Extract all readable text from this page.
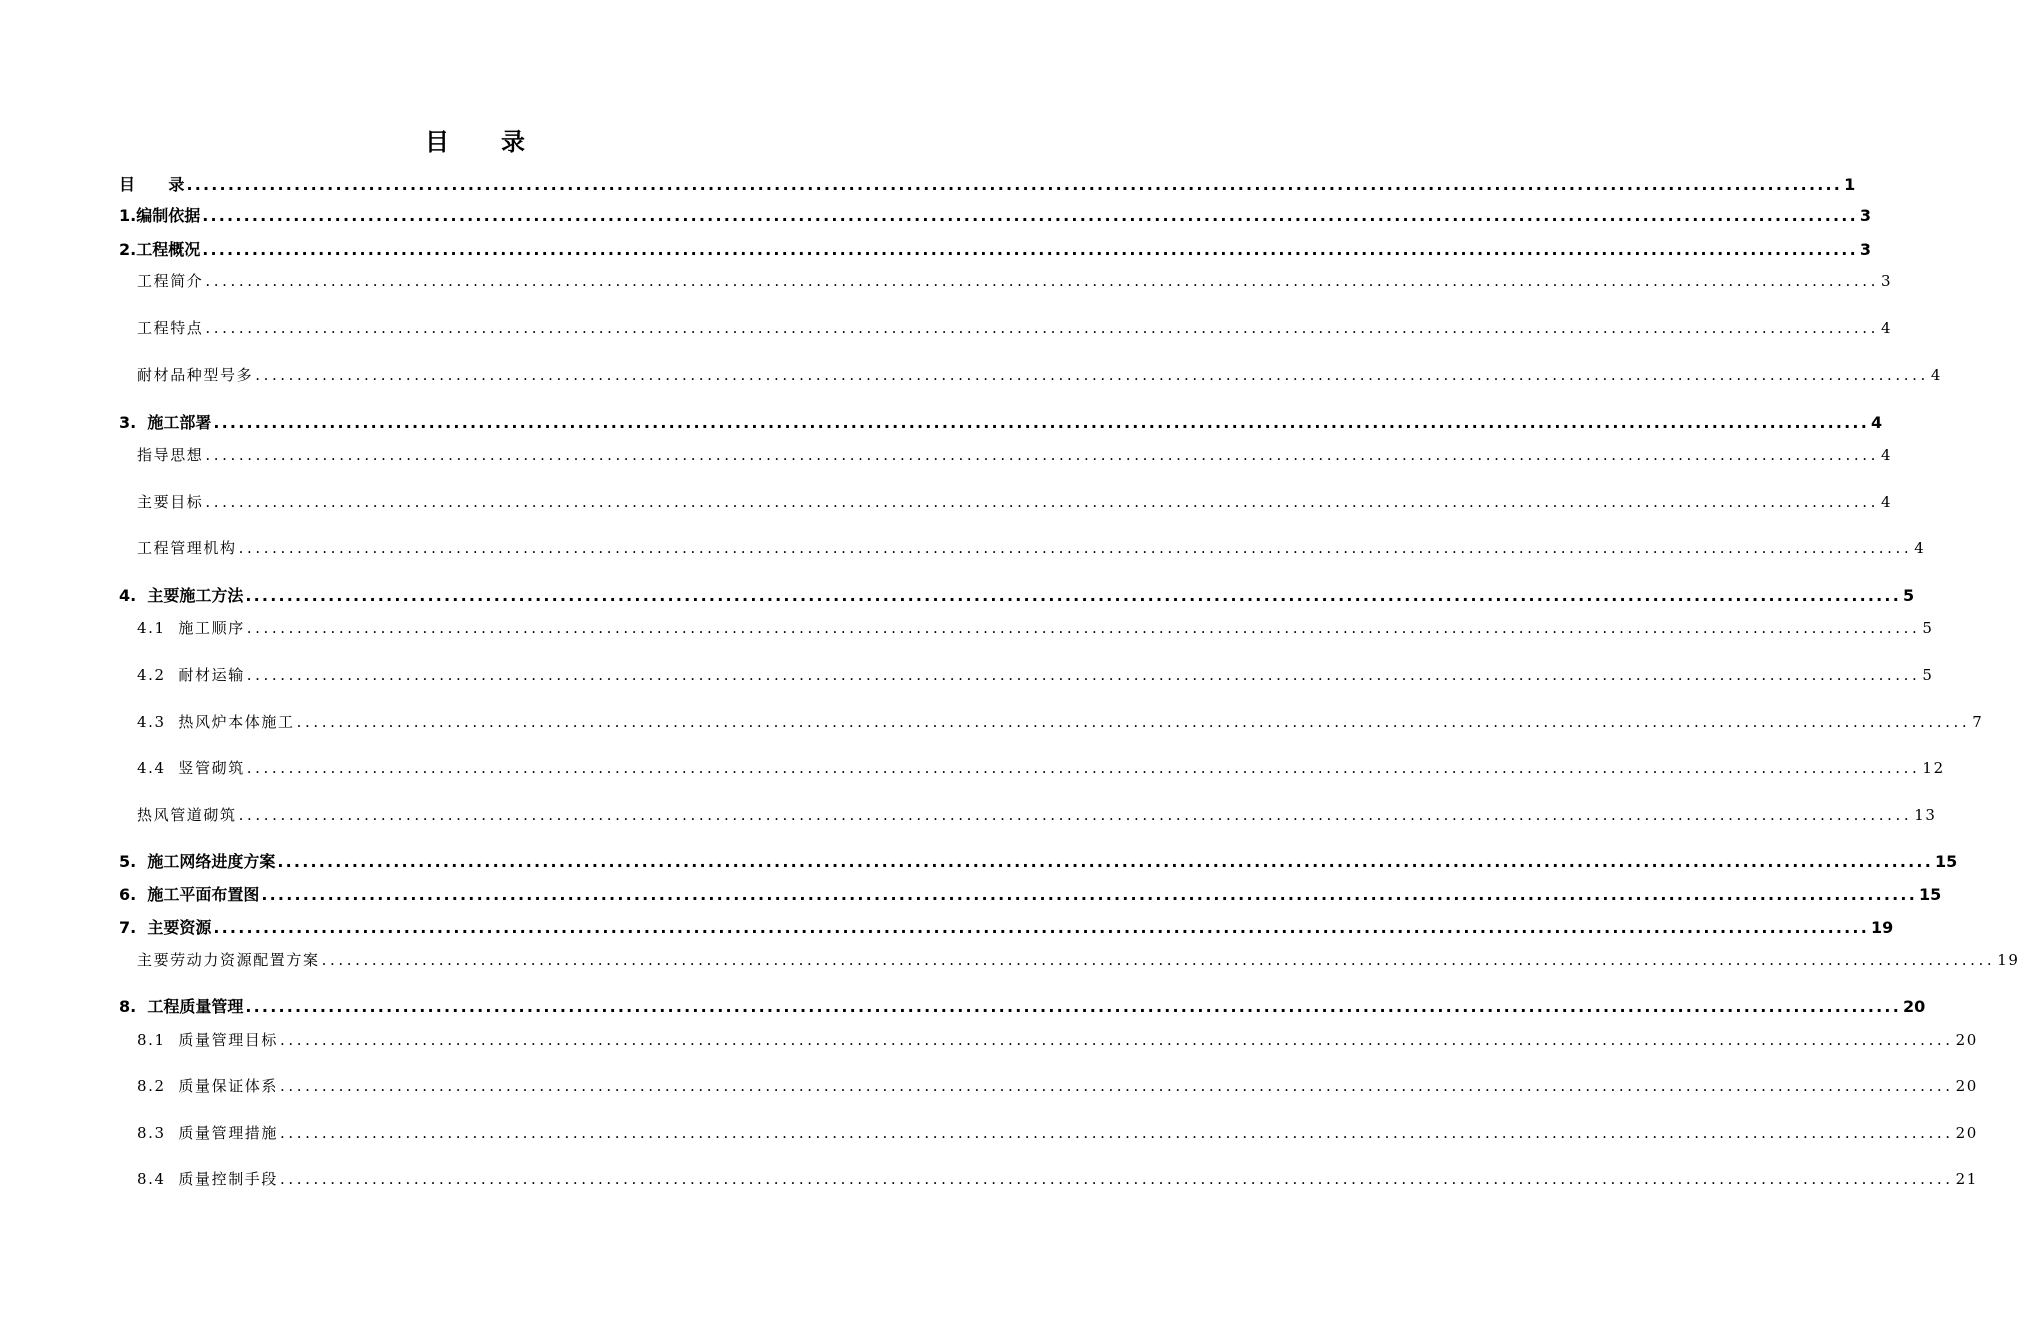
目 录
目      录 ........................................................................................................................................................................................................ 1
1.编制依据 ........................................................................................................................................................................................................ 3
2.工程概况 ........................................................................................................................................................................................................ 3
工程简介 ........................................................................................................................................................................................................ 3
工程特点 ........................................................................................................................................................................................................ 4
耐材品种型号多 ........................................................................................................................................................................................................ 4
3.  施工部署 ........................................................................................................................................................................................................ 4
指导思想 ........................................................................................................................................................................................................ 4
主要目标 ........................................................................................................................................................................................................ 4
工程管理机构 ........................................................................................................................................................................................................ 4
4.  主要施工方法 ........................................................................................................................................................................................................ 5
4.1  施工顺序 ........................................................................................................................................................................................................ 5
4.2  耐材运输 ........................................................................................................................................................................................................ 5
4.3  热风炉本体施工 ........................................................................................................................................................................................................ 7
4.4  竖管砌筑 ........................................................................................................................................................................................................ 12
热风管道砌筑 ........................................................................................................................................................................................................ 13
5.  施工网络进度方案 ........................................................................................................................................................................................................ 15
6.  施工平面布置图 ........................................................................................................................................................................................................ 15
7.  主要资源 ........................................................................................................................................................................................................ 19
主要劳动力资源配置方案 ........................................................................................................................................................................................................ 19
8.  工程质量管理 ........................................................................................................................................................................................................ 20
8.1  质量管理目标 ........................................................................................................................................................................................................ 20
8.2  质量保证体系 ........................................................................................................................................................................................................ 20
8.3  质量管理措施 ........................................................................................................................................................................................................ 20
8.4  质量控制手段 ........................................................................................................................................................................................................ 21
